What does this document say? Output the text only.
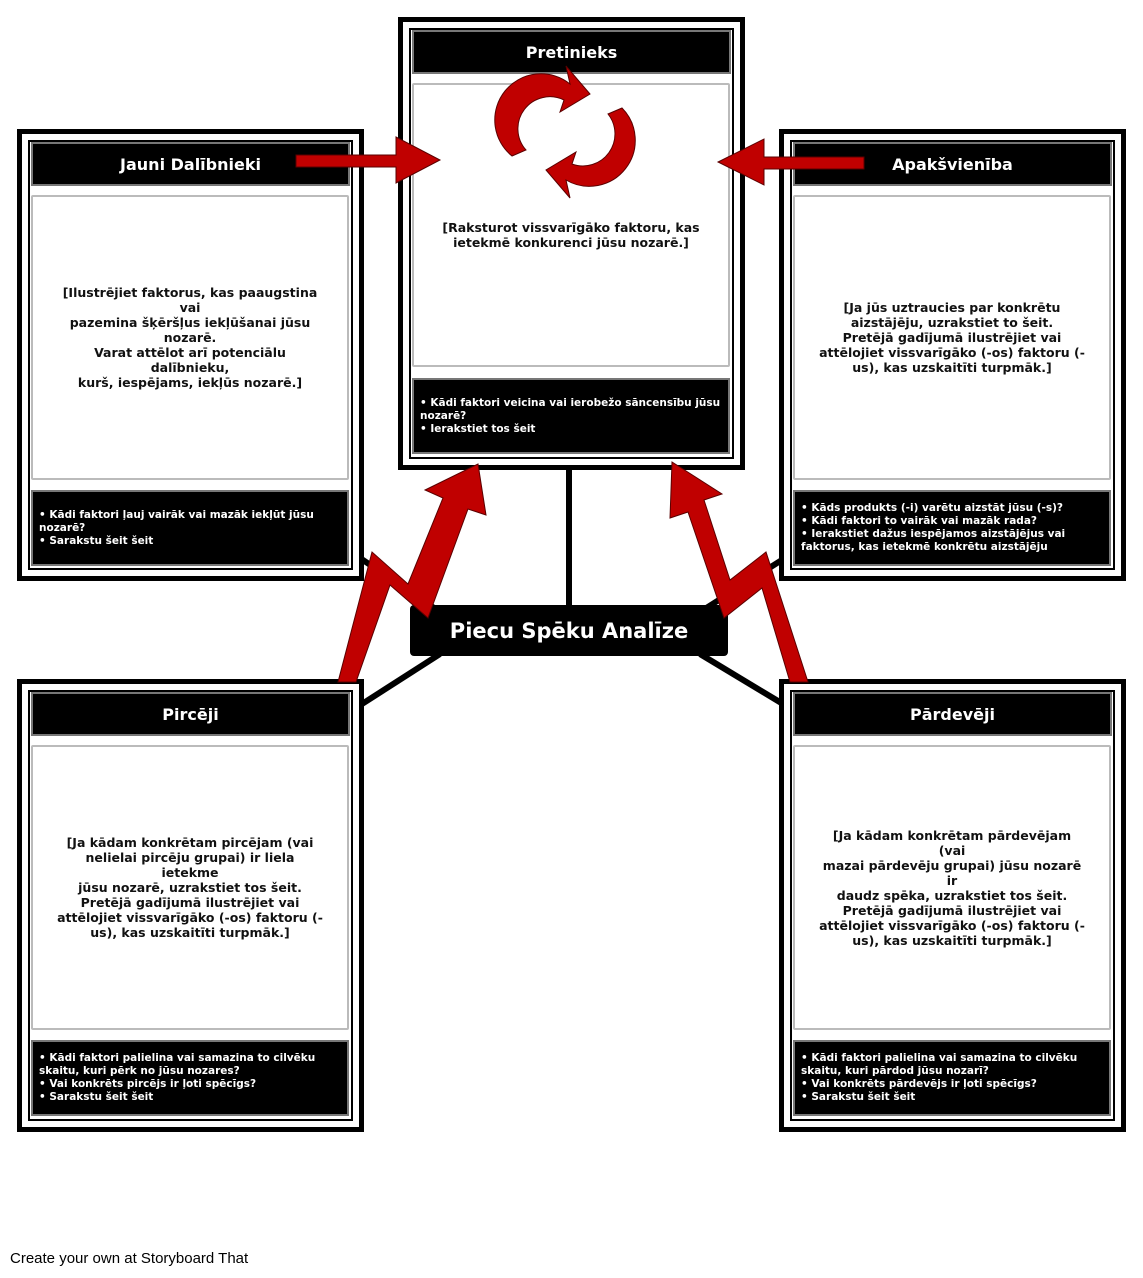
Pretinieks
[Raksturot vissvarīgāko faktoru, kas
ietekmē konkurenci jūsu nozarē.]
• Kādi faktori veicina vai ierobežo sāncensību jūsu nozarē?
• Ierakstiet tos šeit
Jauni Dalībnieki
[Ilustrējiet faktorus, kas paaugstina vai
pazemina šķēršļus iekļūšanai jūsu
nozarē.
Varat attēlot arī potenciālu dalībnieku,
kurš, iespējams, iekļūs nozarē.]
• Kādi faktori ļauj vairāk vai mazāk iekļūt jūsu nozarē?
• Sarakstu šeit šeit
Apakšvienība
[Ja jūs uztraucies par konkrētu
aizstājēju, uzrakstiet to šeit.
Pretējā gadījumā ilustrējiet vai
attēlojiet vissvarīgāko (-os) faktoru (-
us), kas uzskaitīti turpmāk.]
• Kāds produkts (-i) varētu aizstāt jūsu (-s)?
• Kādi faktori to vairāk vai mazāk rada?
• Ierakstiet dažus iespējamos aizstājējus vai faktorus, kas ietekmē konkrētu aizstājēju
Pircēji
[Ja kādam konkrētam pircējam (vai
nelielai pircēju grupai) ir liela ietekme
jūsu nozarē, uzrakstiet tos šeit.
Pretējā gadījumā ilustrējiet vai
attēlojiet vissvarīgāko (-os) faktoru (-
us), kas uzskaitīti turpmāk.]
• Kādi faktori palielina vai samazina to cilvēku skaitu, kuri pērk no jūsu nozares?
• Vai konkrēts pircējs ir ļoti spēcīgs?
• Sarakstu šeit šeit
Pārdevēji
[Ja kādam konkrētam pārdevējam (vai
mazai pārdevēju grupai) jūsu nozarē ir
daudz spēka, uzrakstiet tos šeit.
Pretējā gadījumā ilustrējiet vai
attēlojiet vissvarīgāko (-os) faktoru (-
us), kas uzskaitīti turpmāk.]
• Kādi faktori palielina vai samazina to cilvēku skaitu, kuri pārdod jūsu nozarī?
• Vai konkrēts pārdevējs ir ļoti spēcīgs?
• Sarakstu šeit šeit
Piecu Spēku Analīze
Create your own at Storyboard That
